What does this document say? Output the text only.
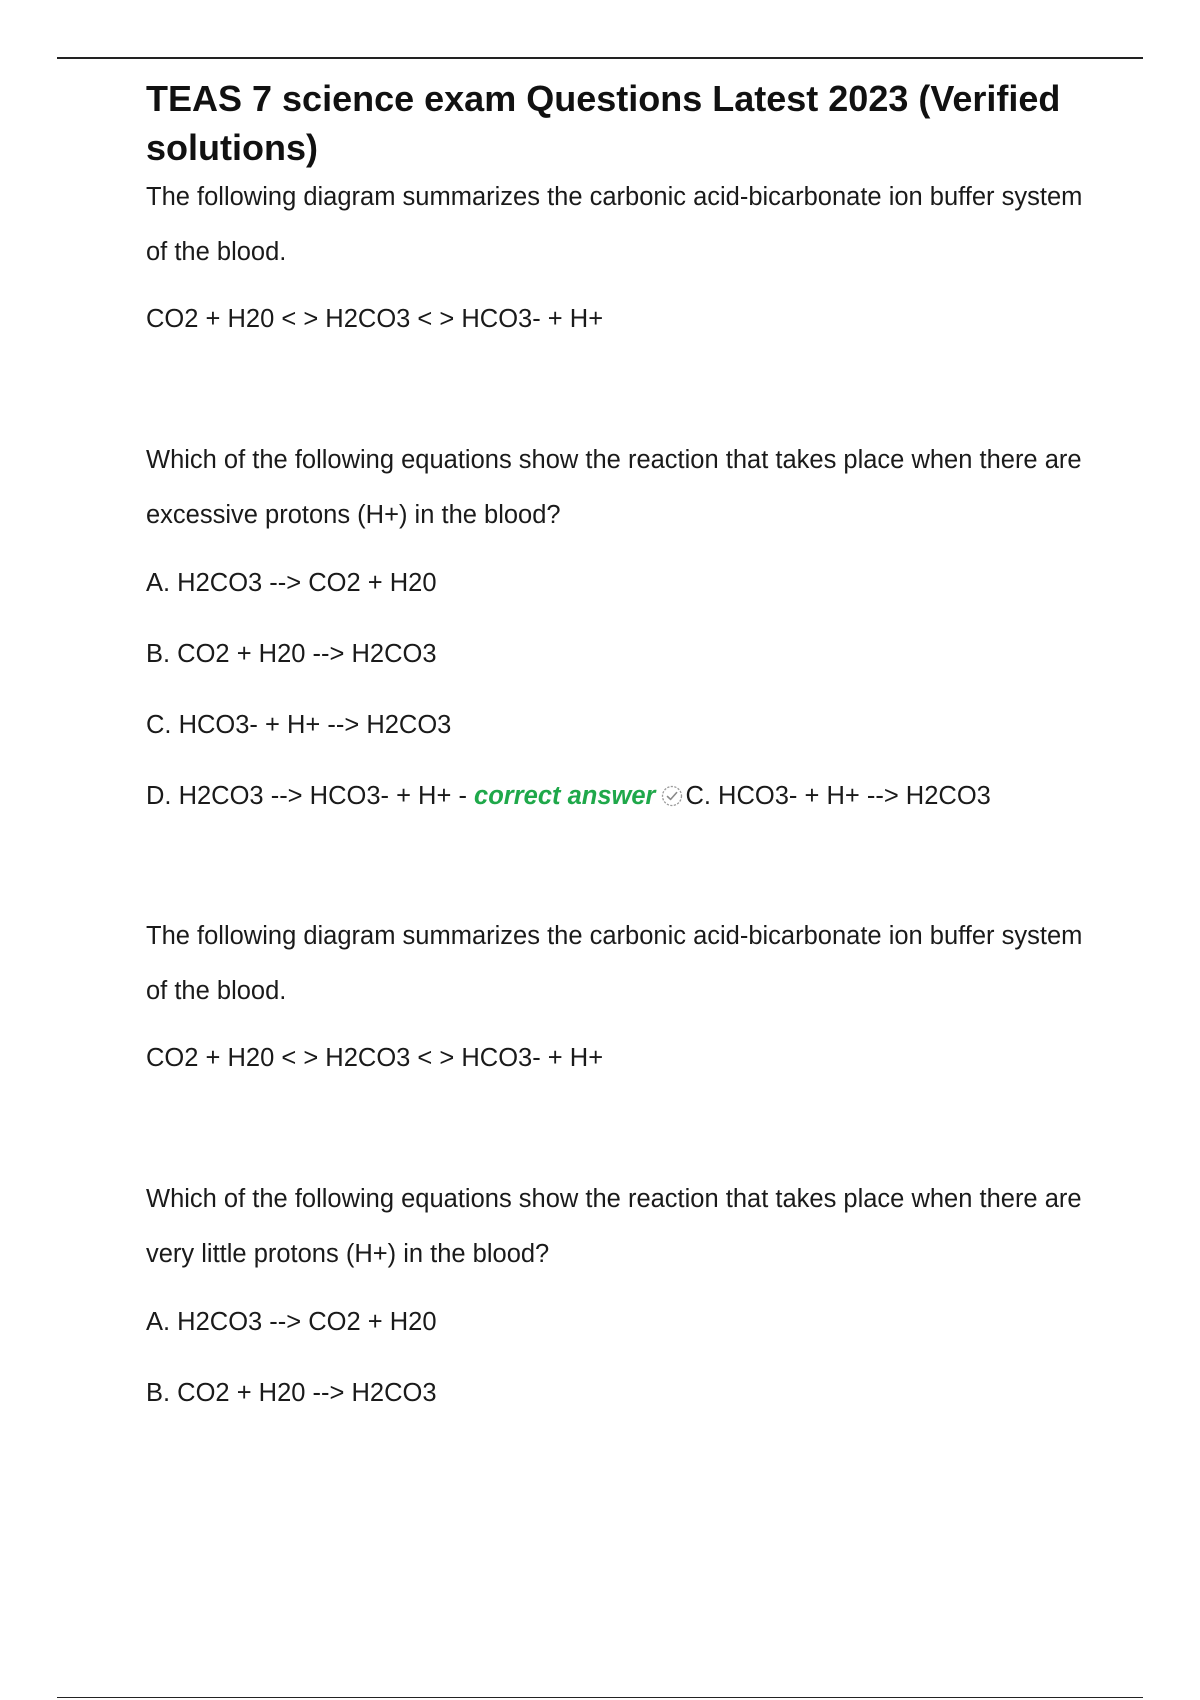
TEAS 7 science exam Questions Latest 2023 (Verified solutions)

The following diagram summarizes the carbonic acid-bicarbonate ion buffer system of the blood.

CO2 + H20 < > H2CO3 < > HCO3- + H+

Which of the following equations show the reaction that takes place when there are excessive protons (H+) in the blood?

A. H2CO3 --> CO2 + H20

B. CO2 + H20 --> H2CO3

C. HCO3- + H+ --> H2CO3

D. H2CO3 --> HCO3- + H+ - correct answer C. HCO3- + H+ --> H2CO3

The following diagram summarizes the carbonic acid-bicarbonate ion buffer system of the blood.

CO2 + H20 < > H2CO3 < > HCO3- + H+

Which of the following equations show the reaction that takes place when there are very little protons (H+) in the blood?

A. H2CO3 --> CO2 + H20

B. CO2 + H20 --> H2CO3
